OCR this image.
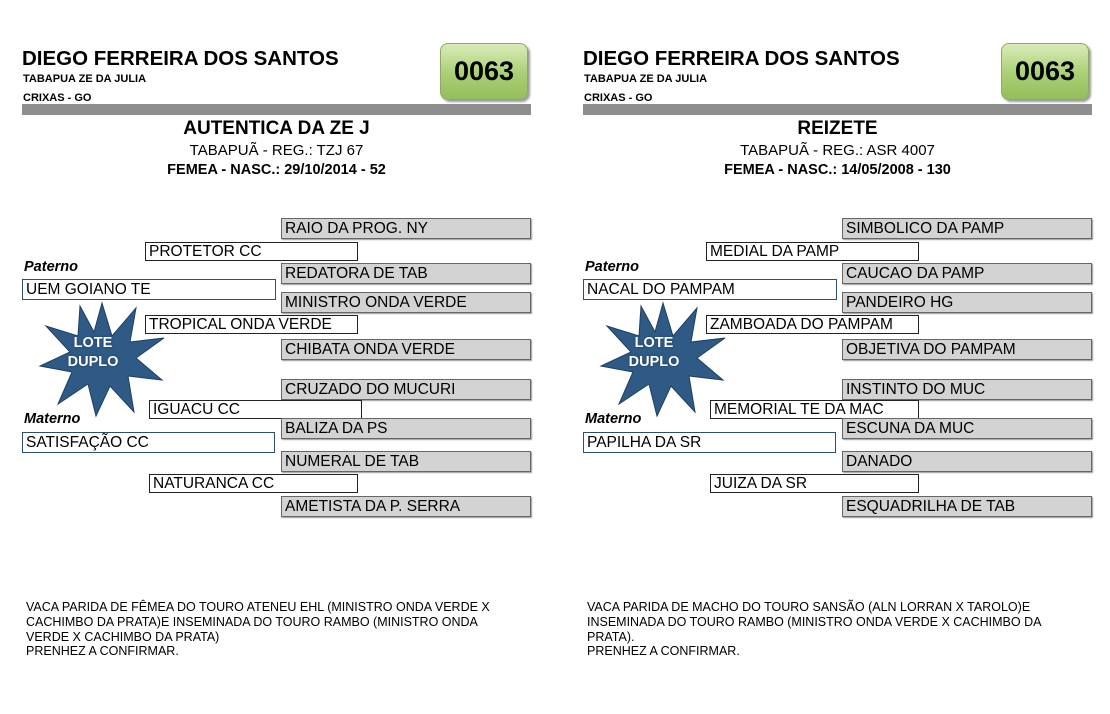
DIEGO FERREIRA DOS SANTOS
TABAPUA ZE DA JULIA
CRIXAS - GO
0063
AUTENTICA DA ZE J
TABAPUÃ - REG.: TZJ 67
FEMEA - NASC.: 29/10/2014 - 52
RAIO DA PROG. NY
PROTETOR CC
Paterno	REDATORA DE TAB
UEM GOIANO TE
MINISTRO ONDA VERDE
TROPICAL ONDA VERDE
LOTE
DUPLO
CHIBATA ONDA VERDE
CRUZADO DO MUCURI
IGUACU CC
Materno
BALIZA DA PS
SATISFAÇÃO CC
NUMERAL DE TAB
NATURANCA CC
AMETISTA DA P. SERRA
VACA PARIDA DE FÊMEA DO TOURO ATENEU EHL (MINISTRO ONDA VERDE X
CACHIMBO DA PRATA)E INSEMINADA DO TOURO RAMBO (MINISTRO ONDA
VERDE X CACHIMBO DA PRATA)
PRENHEZ A CONFIRMAR.
DIEGO FERREIRA DOS SANTOS
TABAPUA ZE DA JULIA
CRIXAS - GO
0063
REIZETE
TABAPUÃ - REG.: ASR 4007
FEMEA - NASC.: 14/05/2008 - 130
SIMBOLICO DA PAMP
MEDIAL DA PAMP
Paterno	CAUCAO DA PAMP
NACAL DO PAMPAM
PANDEIRO HG
ZAMBOADA DO PAMPAM
LOTE
DUPLO
OBJETIVA DO PAMPAM
INSTINTO DO MUC
MEMORIAL TE DA MAC
Materno
ESCUNA DA MUC
PAPILHA DA SR
DANADO
JUIZA DA SR
ESQUADRILHA DE TAB
VACA PARIDA DE MACHO DO TOURO SANSÃO (ALN LORRAN X TAROLO)E
INSEMINADA DO TOURO RAMBO (MINISTRO ONDA VERDE X CACHIMBO DA
PRATA).
PRENHEZ A CONFIRMAR.
